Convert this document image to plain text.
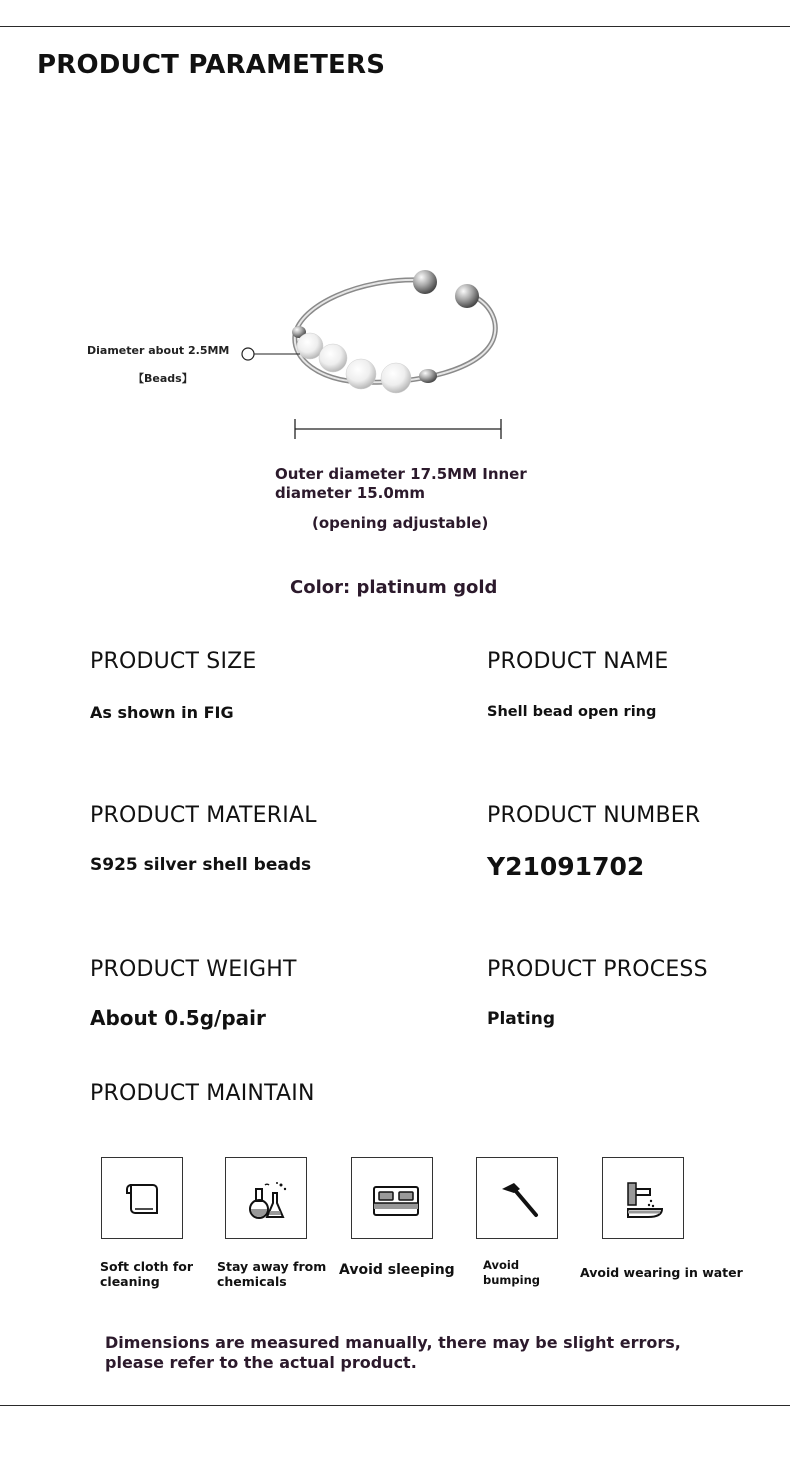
PRODUCT PARAMETERS
Diameter about 2.5MM
【Beads】
Outer diameter 17.5MM Inner diameter 15.0mm
(opening adjustable)
Color: platinum gold
PRODUCT SIZE	PRODUCT NAME
As shown in FIG	Shell bead open ring
PRODUCT MATERIAL	PRODUCT NUMBER
S925 silver shell beads	Y21091702
PRODUCT WEIGHT	PRODUCT PROCESS
About 0.5g/pair	Plating
PRODUCT MAINTAIN
Soft cloth for cleaning
Stay away from chemicals
Avoid sleeping Avoid bumping	Avoid wearing in water
Dimensions are measured manually, there may be slight errors, please refer to the actual product.
